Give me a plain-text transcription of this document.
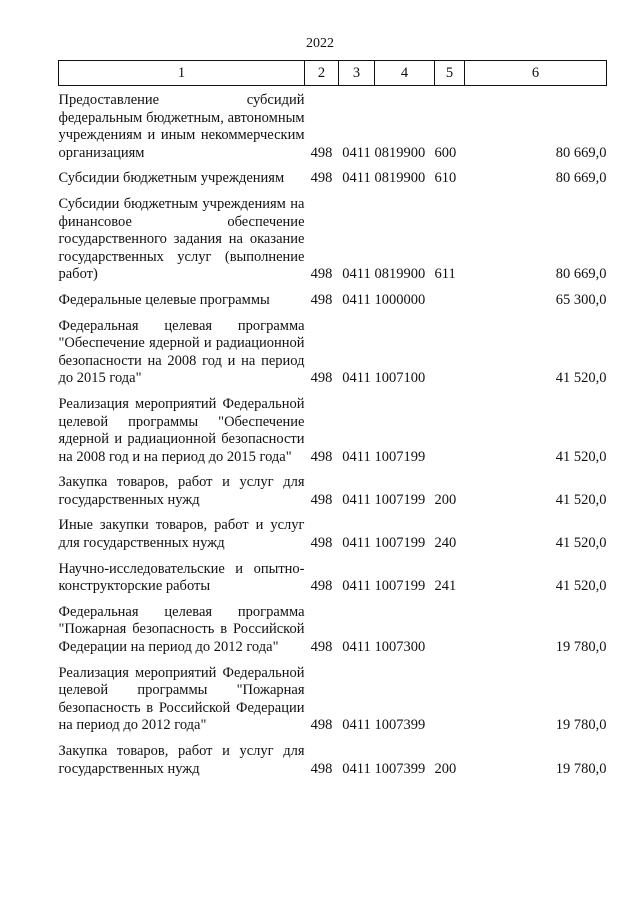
2022
1	2	3	4	5	6
Предоставление субсидий федеральным бюджетным, автономным учреждениям и иным некоммерческим организациям	498	0411	0819900	600	80 669,0
Субсидии бюджетным учреждениям	498	0411	0819900	610	80 669,0
Субсидии бюджетным учреждениям на финансовое обеспечение государственного задания на оказание государственных услуг (выполнение работ)	498	0411	0819900	611	80 669,0
Федеральные целевые программы	498	0411	1000000		65 300,0
Федеральная целевая программа "Обеспечение ядерной и радиационной безопасности на 2008 год и на период до 2015 года"	498	0411	1007100		41 520,0
Реализация мероприятий Федеральной целевой программы "Обеспечение ядерной и радиационной безопасности на 2008 год и на период до 2015 года"	498	0411	1007199		41 520,0
Закупка товаров, работ и услуг для государственных нужд	498	0411	1007199	200	41 520,0
Иные закупки товаров, работ и услуг для государственных нужд	498	0411	1007199	240	41 520,0
Научно-исследовательские и опытно-конструкторские работы	498	0411	1007199	241	41 520,0
Федеральная целевая программа "Пожарная безопасность в Российской Федерации на период до 2012 года"	498	0411	1007300		19 780,0
Реализация мероприятий Федеральной целевой программы "Пожарная безопасность в Российской Федерации на период до 2012 года"	498	0411	1007399		19 780,0
Закупка товаров, работ и услуг для государственных нужд	498	0411	1007399	200	19 780,0
